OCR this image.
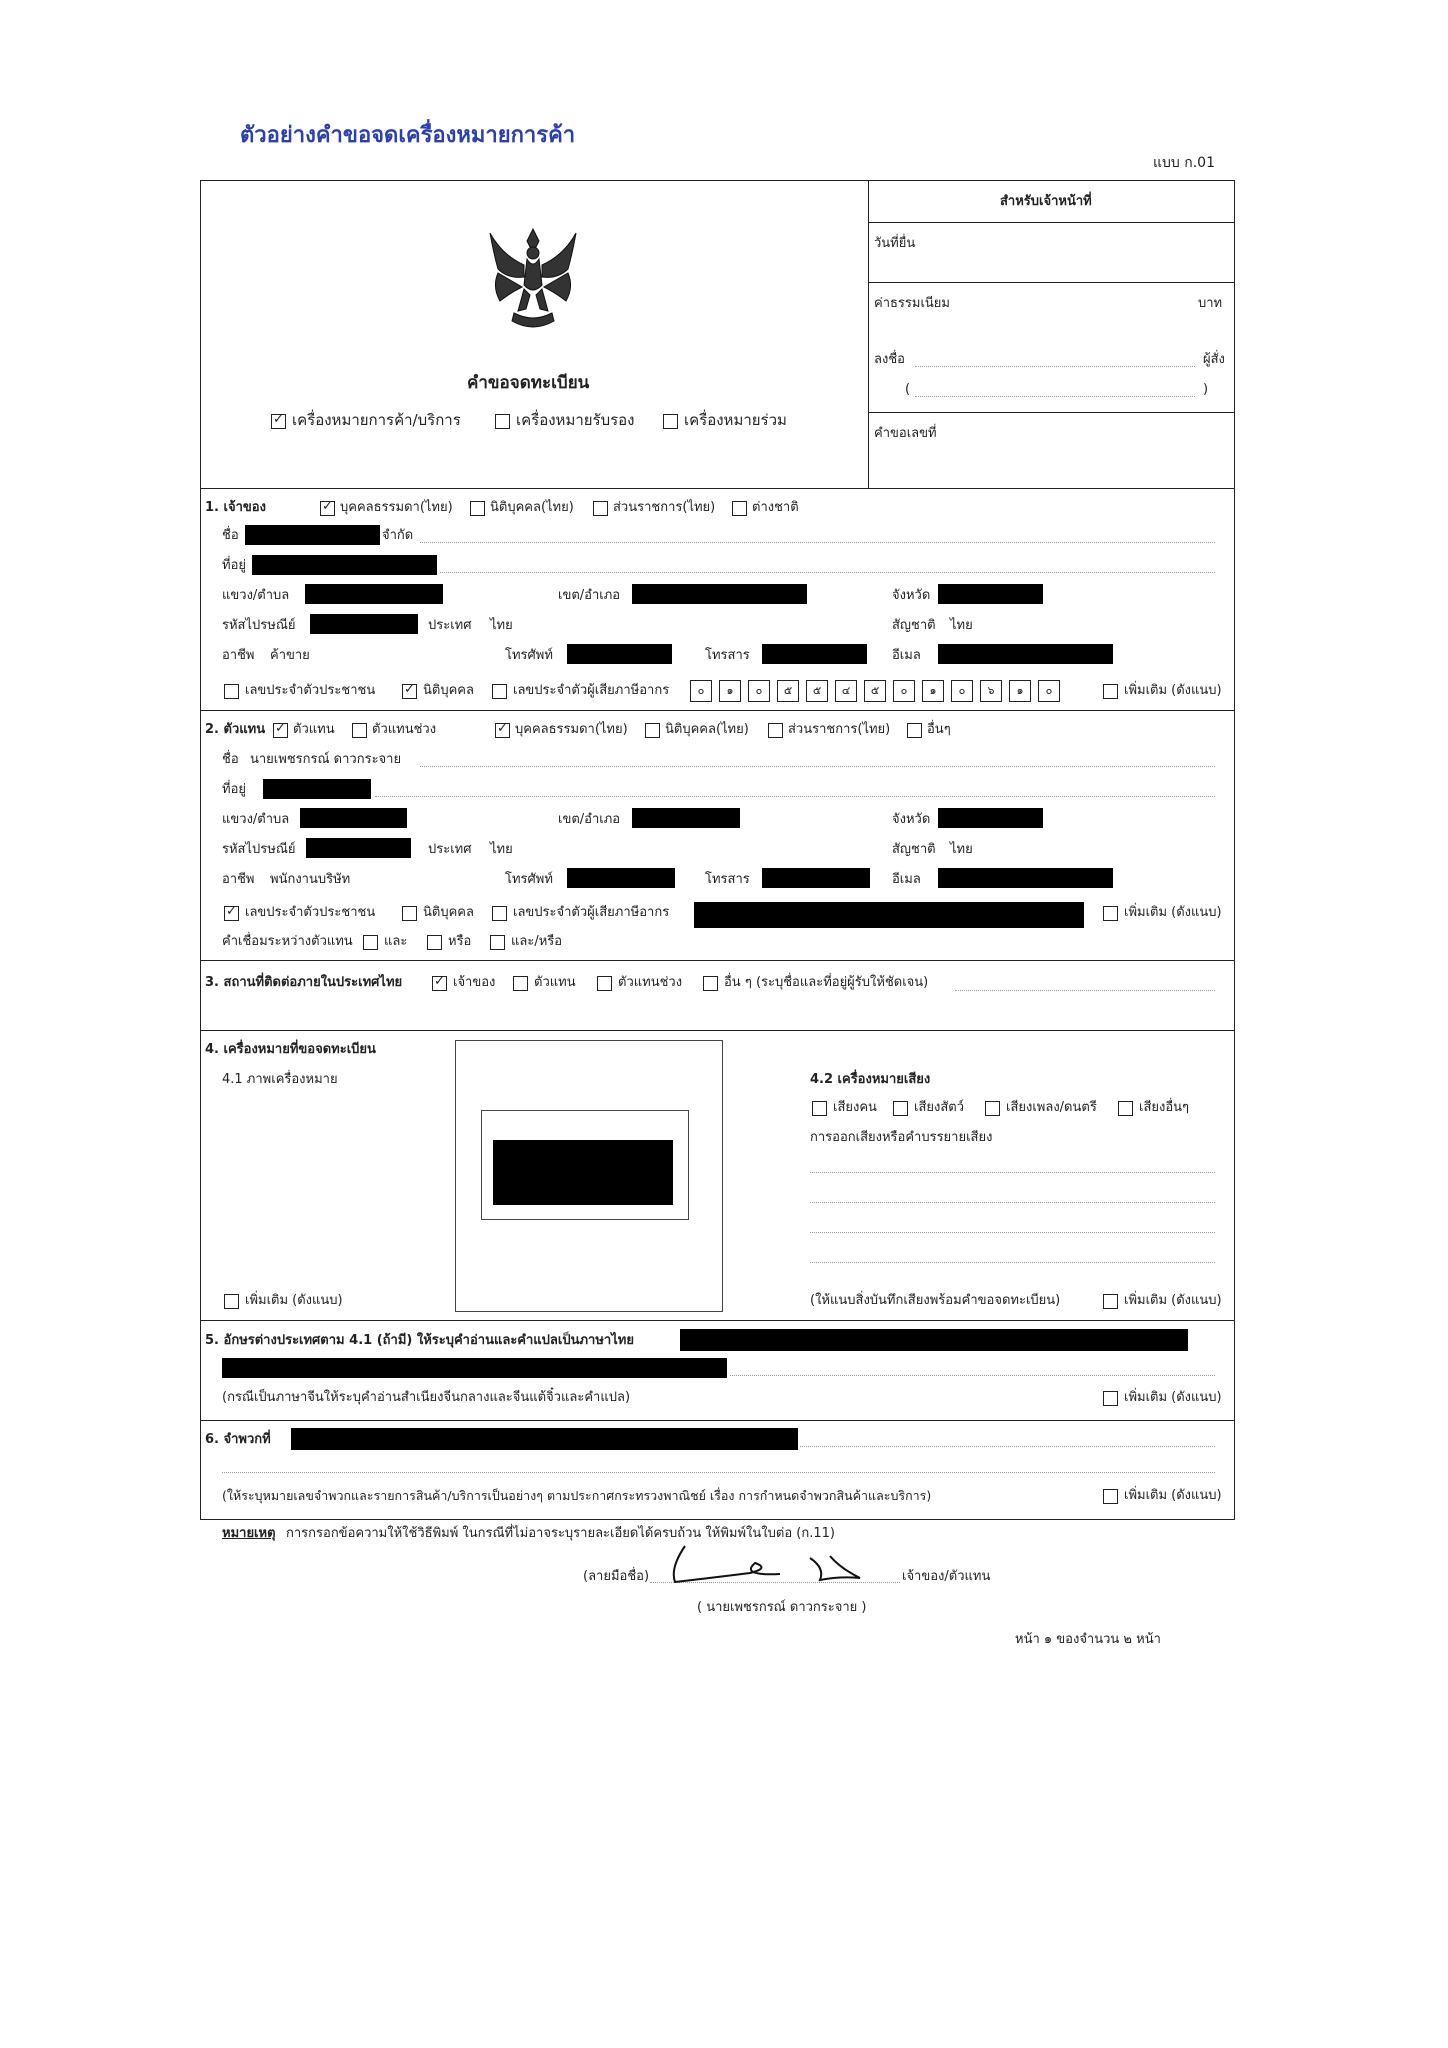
ตัวอย่างคำขอจดเครื่องหมายการค้า
แบบ ก.01
สำหรับเจ้าหน้าที่
วันที่ยื่น
ค่าธรรมเนียม	บาท
ลงชื่อ	ผู้สั่ง
(	)
คำขอเลขที่
คำขอจดทะเบียน
✓
เครื่องหมายการค้า/บริการ	เครื่องหมายรับรอง	เครื่องหมายร่วม
1. เจ้าของ ✓	บุคคลธรรมดา(ไทย)	นิติบุคคล(ไทย)	ส่วนราชการ(ไทย)	ต่างชาติ
ชื่อ	จำกัด
ที่อยู่
แขวง/ตำบล	เขต/อำเภอ	จังหวัด
รหัสไปรษณีย์	ประเทศ ไทย	สัญชาติ ไทย
อาชีพ ค้าขาย	โทรศัพท์	โทรสาร	อีเมล
เลขประจำตัวประชาชน ✓	นิติบุคคล	เลขประจำตัวผู้เสียภาษีอากร	๐	๑	๐	๕	๕	๔	๕	๐	๑	๐	๖	๑	๐	เพิ่มเติม (ดังแนบ)
2. ตัวแทน ✓ ตัวแทน	ตัวแทนช่วง ✓	บุคคลธรรมดา(ไทย)	นิติบุคคล(ไทย)	ส่วนราชการ(ไทย)	อื่นๆ
ชื่อ นายเพชรกรณ์ ดาวกระจาย
ที่อยู่
แขวง/ตำบล	เขต/อำเภอ	จังหวัด
รหัสไปรษณีย์	ประเทศ ไทย	สัญชาติ ไทย
อาชีพ พนักงานบริษัท	โทรศัพท์	โทรสาร	อีเมล
✓
เลขประจำตัวประชาชน	นิติบุคคล	เลขประจำตัวผู้เสียภาษีอากร	เพิ่มเติม (ดังแนบ)
คำเชื่อมระหว่างตัวแทน และ	หรือ	และ/หรือ
3. สถานที่ติดต่อภายในประเทศไทย ✓	เจ้าของ	ตัวแทน	ตัวแทนช่วง	อื่น ๆ (ระบุชื่อและที่อยู่ผู้รับให้ชัดเจน)
4. เครื่องหมายที่ขอจดทะเบียน
4.1 ภาพเครื่องหมาย	4.2 เครื่องหมายเสียง
เสียงคน	เสียงสัตว์	เสียงเพลง/ดนตรี	เสียงอื่นๆ
การออกเสียงหรือคำบรรยายเสียง
เพิ่มเติม (ดังแนบ)	(ให้แนบสิ่งบันทึกเสียงพร้อมคำขอจดทะเบียน)	เพิ่มเติม (ดังแนบ)
5. อักษรต่างประเทศตาม 4.1 (ถ้ามี) ให้ระบุคำอ่านและคำแปลเป็นภาษาไทย
(กรณีเป็นภาษาจีนให้ระบุคำอ่านสำเนียงจีนกลางและจีนแต้จิ๋วและคำแปล)	เพิ่มเติม (ดังแนบ)
6. จำพวกที่
(ให้ระบุหมายเลขจำพวกและรายการสินค้า/บริการเป็นอย่างๆ ตามประกาศกระทรวงพาณิชย์ เรื่อง การกำหนดจำพวกสินค้าและบริการ)	เพิ่มเติม (ดังแนบ)
หมายเหตุ การกรอกข้อความให้ใช้วิธีพิมพ์ ในกรณีที่ไม่อาจระบุรายละเอียดได้ครบถ้วน ให้พิมพ์ในใบต่อ (ก.11)
(ลายมือชื่อ)	เจ้าของ/ตัวแทน
( นายเพชรกรณ์ ดาวกระจาย )
หน้า ๑ ของจำนวน ๒ หน้า
